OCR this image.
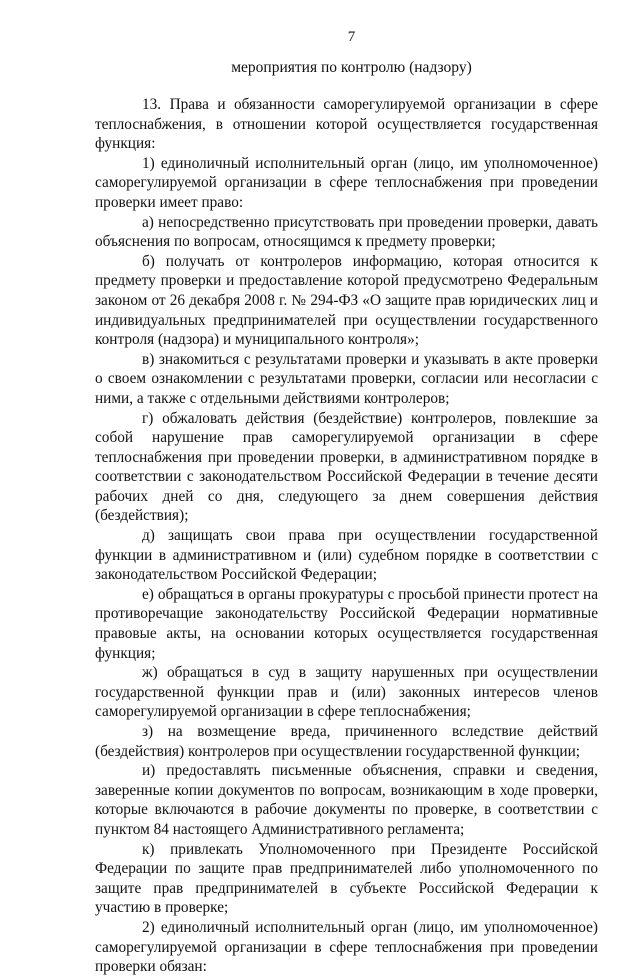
7
мероприятия по контролю (надзору)

13. Права и обязанности саморегулируемой организации в сфере теплоснабжения, в отношении которой осуществляется государственная функция:

1) единоличный исполнительный орган (лицо, им уполномоченное) саморегулируемой организации в сфере теплоснабжения при проведении проверки имеет право:

а) непосредственно присутствовать при проведении проверки, давать объяснения по вопросам, относящимся к предмету проверки;

б) получать от контролеров информацию, которая относится к предмету проверки и предоставление которой предусмотрено Федеральным законом от 26 декабря 2008 г. № 294-ФЗ «О защите прав юридических лиц и индивидуальных предпринимателей при осуществлении государственного контроля (надзора) и муниципального контроля»;

в) знакомиться с результатами проверки и указывать в акте проверки о своем ознакомлении с результатами проверки, согласии или несогласии с ними, а также с отдельными действиями контролеров;

г) обжаловать действия (бездействие) контролеров, повлекшие за собой нарушение прав саморегулируемой организации в сфере теплоснабжения при проведении проверки, в административном порядке в соответствии с законодательством Российской Федерации в течение десяти рабочих дней со дня, следующего за днем совершения действия (бездействия);

д) защищать свои права при осуществлении государственной функции в административном и (или) судебном порядке в соответствии с законодательством Российской Федерации;

е) обращаться в органы прокуратуры с просьбой принести протест на противоречащие законодательству Российской Федерации нормативные правовые акты, на основании которых осуществляется государственная функция;

ж) обращаться в суд в защиту нарушенных при осуществлении государственной функции прав и (или) законных интересов членов саморегулируемой организации в сфере теплоснабжения;

з) на возмещение вреда, причиненного вследствие действий (бездействия) контролеров при осуществлении государственной функции;

и) предоставлять письменные объяснения, справки и сведения, заверенные копии документов по вопросам, возникающим в ходе проверки, которые включаются в рабочие документы по проверке, в соответствии с пунктом 84 настоящего Административного регламента;

к) привлекать Уполномоченного при Президенте Российской Федерации по защите прав предпринимателей либо уполномоченного по защите прав предпринимателей в субъекте Российской Федерации к участию в проверке;

2) единоличный исполнительный орган (лицо, им уполномоченное) саморегулируемой организации в сфере теплоснабжения при проведении проверки обязан:
